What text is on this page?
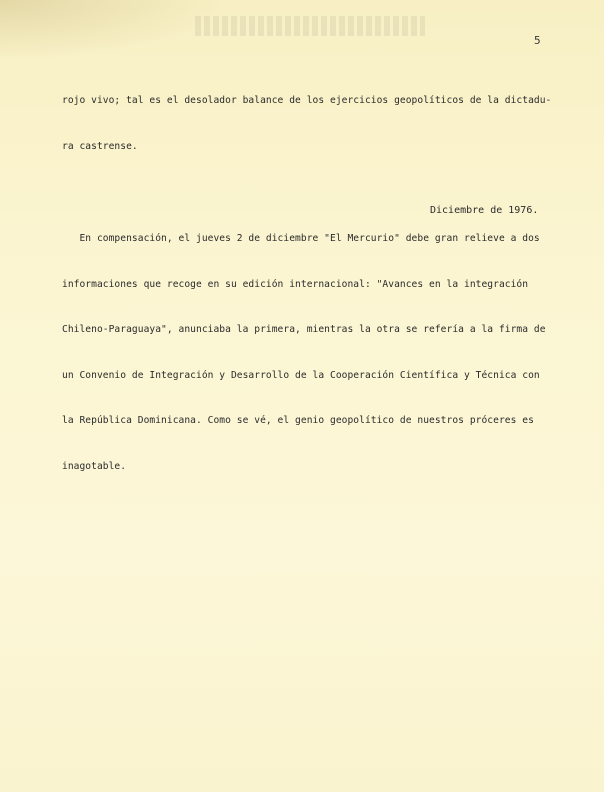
5

rojo vivo; tal es el desolador balance de los ejercicios geopolíticos de la dictadu-

ra castrense.

En compensación, el jueves 2 de diciembre "El Mercurio" debe gran relieve a dos

informaciones que recoge en su edición internacional: "Avances en la integración

Chileno-Paraguaya", anunciaba la primera, mientras la otra se refería a la firma de

un Convenio de Integración y Desarrollo de la Cooperación Científica y Técnica con

la República Dominicana. Como se vé, el genio geopolítico de nuestros próceres es

inagotable.

Diciembre de 1976.
